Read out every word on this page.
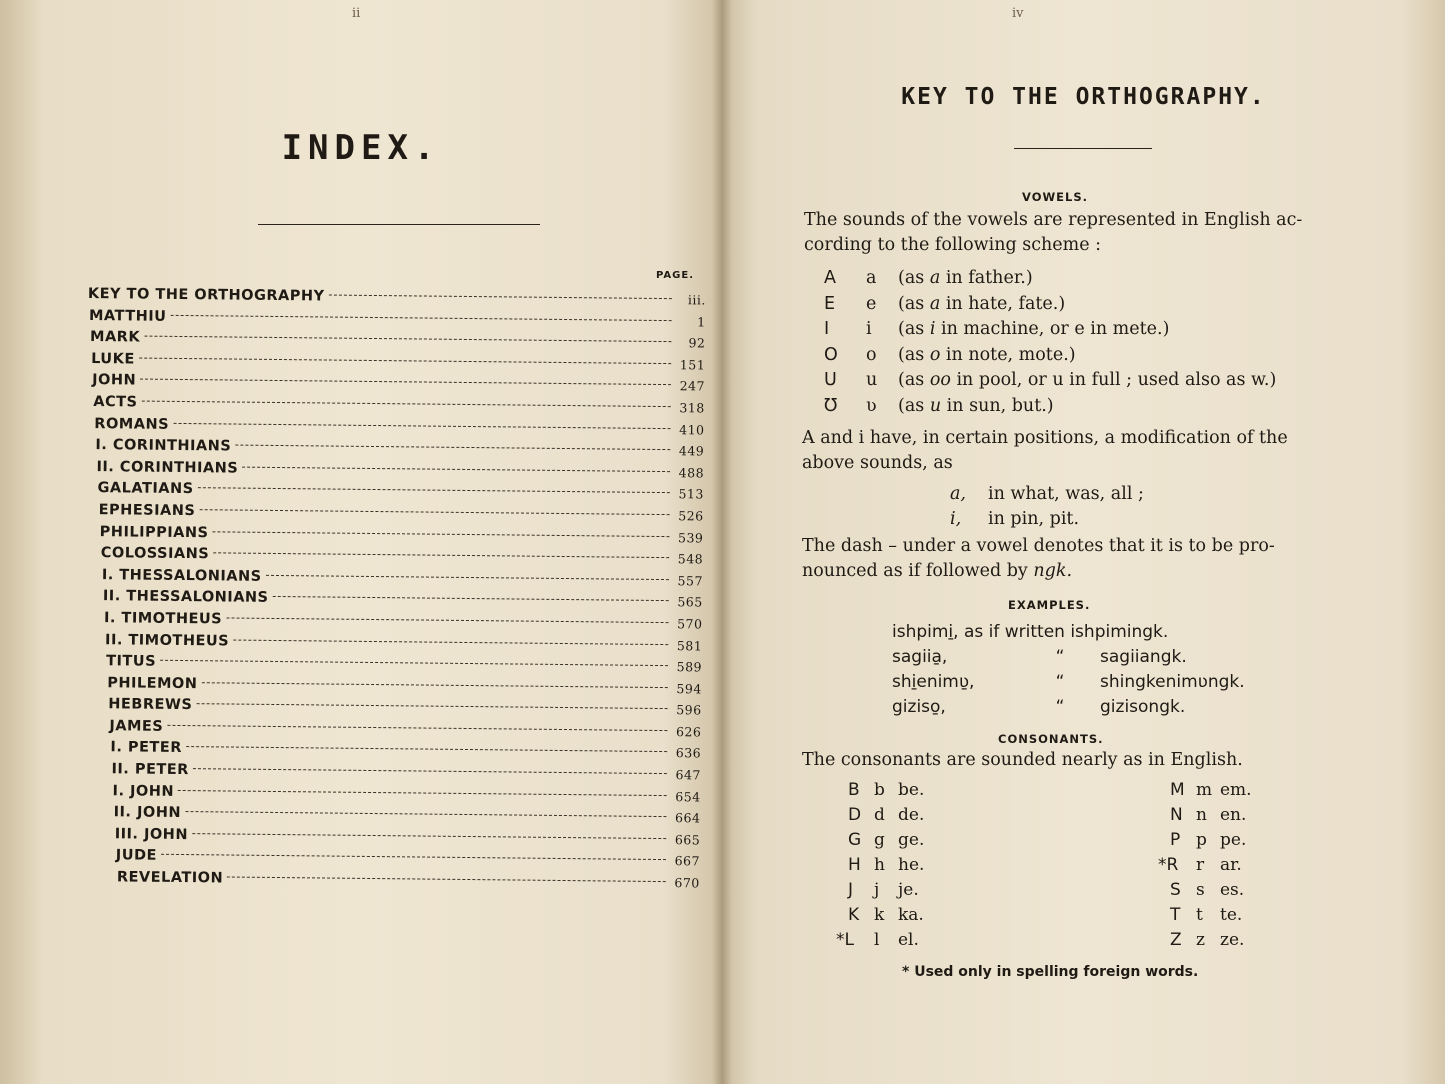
ii
INDEX.
PAGE.
KEY TO THE ORTHOGRAPHY	iii.
MATTHIU	1
MARK	92
LUKE	151
JOHN	247
ACTS	318
ROMANS	410
I. CORINTHIANS	449
II. CORINTHIANS	488
GALATIANS	513
EPHESIANS	526
PHILIPPIANS	539
COLOSSIANS	548
I. THESSALONIANS	557
II. THESSALONIANS	565
I. TIMOTHEUS	570
II. TIMOTHEUS	581
TITUS	589
PHILEMON	594
HEBREWS	596
JAMES	626
I. PETER	636
II. PETER	647
I. JOHN	654
II. JOHN	664
III. JOHN	665
JUDE	667
REVELATION	670
iv
KEY TO THE ORTHOGRAPHY.
VOWELS.
The sounds of the vowels are represented in English ac-
cording to the following scheme :
A	a	(as a in father.)
E	e	(as a in hate, fate.)
I	i	(as i in machine, or e in mete.)
O	o	(as o in note, mote.)
U	u	(as oo in pool, or u in full ; used also as w.)
Ʊ	ʋ	(as u in sun, but.)
A and i have, in certain positions, a modification of the
above sounds, as
a,	in what, was, all ;
i,	in pin, pit.
The dash – under a vowel denotes that it is to be pro-
nounced as if followed by ngk.
EXAMPLES.
ishpimi̱, as if written ishpimingk.
sagiia̱,	“	sagiiangk.
shi̱enimʋ̱,	“	shingkenimʋngk.
giziso̱,	“	gizisongk.
CONSONANTS.
The consonants are sounded nearly as in English.
B b be.
D d de.
G g ge.
H h he.
J	j	je.
K k ka.
*L	l	el.
M m em.
N n en.
P p pe.
*R	r ar.
S s es.
T t	te.
Z z ze.
* Used only in spelling foreign words.
